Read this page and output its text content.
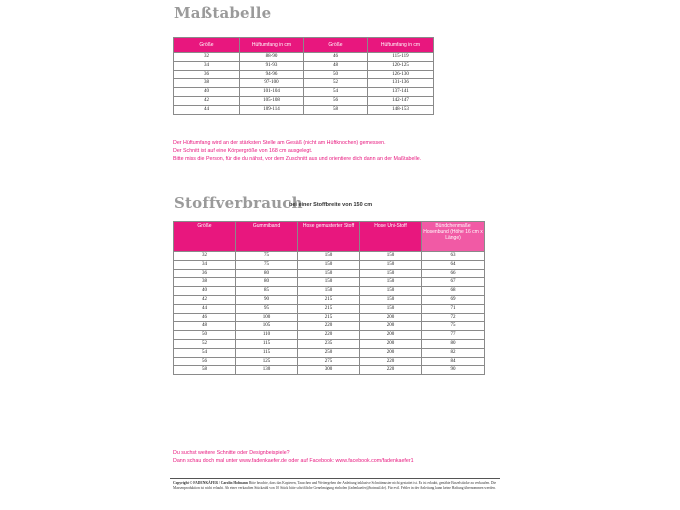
Maßtabelle
Größe	Hüftumfang in cm	Größe	Hüftumfang in cm
32	88-90	46	115-119
34	91-93	48	120-125
36	94-96	50	126-130
38	97-100	52	131-136
40	101-104	54	137-141
42	105-108	56	142-147
44	109-114	58	148-153
Der Hüftumfang wird an der stärksten Stelle am Gesäß (nicht am Hüftknochen) gemessen.
Der Schnitt ist auf eine Körpergröße von 168 cm ausgelegt.
Bitte miss die Person, für die du nähst, vor dem Zuschnitt aus und orientiere dich dann an der Maßtabelle.
Stoffverbrauch
bei einer Stoffbreite von 150 cm
Größe	Gummiband	Hose gemusterter Stoff	Hose Uni-Stoff	Bündchenmaße Hosenbund (Höhe 16 cm x Länge)
32	75	150	150	63
34	75	150	150	64
36	80	150	150	66
38	80	150	150	67
40	85	150	150	68
42	90	215	150	69
44	95	215	150	71
46	100	215	200	72
48	105	220	200	75
50	110	220	200	77
52	115	235	200	80
54	115	250	200	82
56	125	275	220	84
58	130	300	220	90
Du suchst weitere Schnitte oder Designbeispiele?
Dann schau doch mal unter www.fadenkaefer.de oder auf Facebook: www.facebook.com/fadenkaefer1
Copyright © FADENKÄFER / Carolin Hofmann Bitte beachte, dass das Kopieren, Tauschen und Weitergeben der Anleitung inklusive Schnittmuster nicht gestattet ist. Es ist erlaubt, genähte Einzelstücke zu verkaufen. Die Massenproduktion ist nicht erlaubt. Ab einer verkauften Stückzahl von 10 Stück bitte schriftliche Genehmigung einholen (fadenkaefer@hotmail.de). Für evtl. Fehler in der Anleitung kann keine Haftung übernommen werden.
